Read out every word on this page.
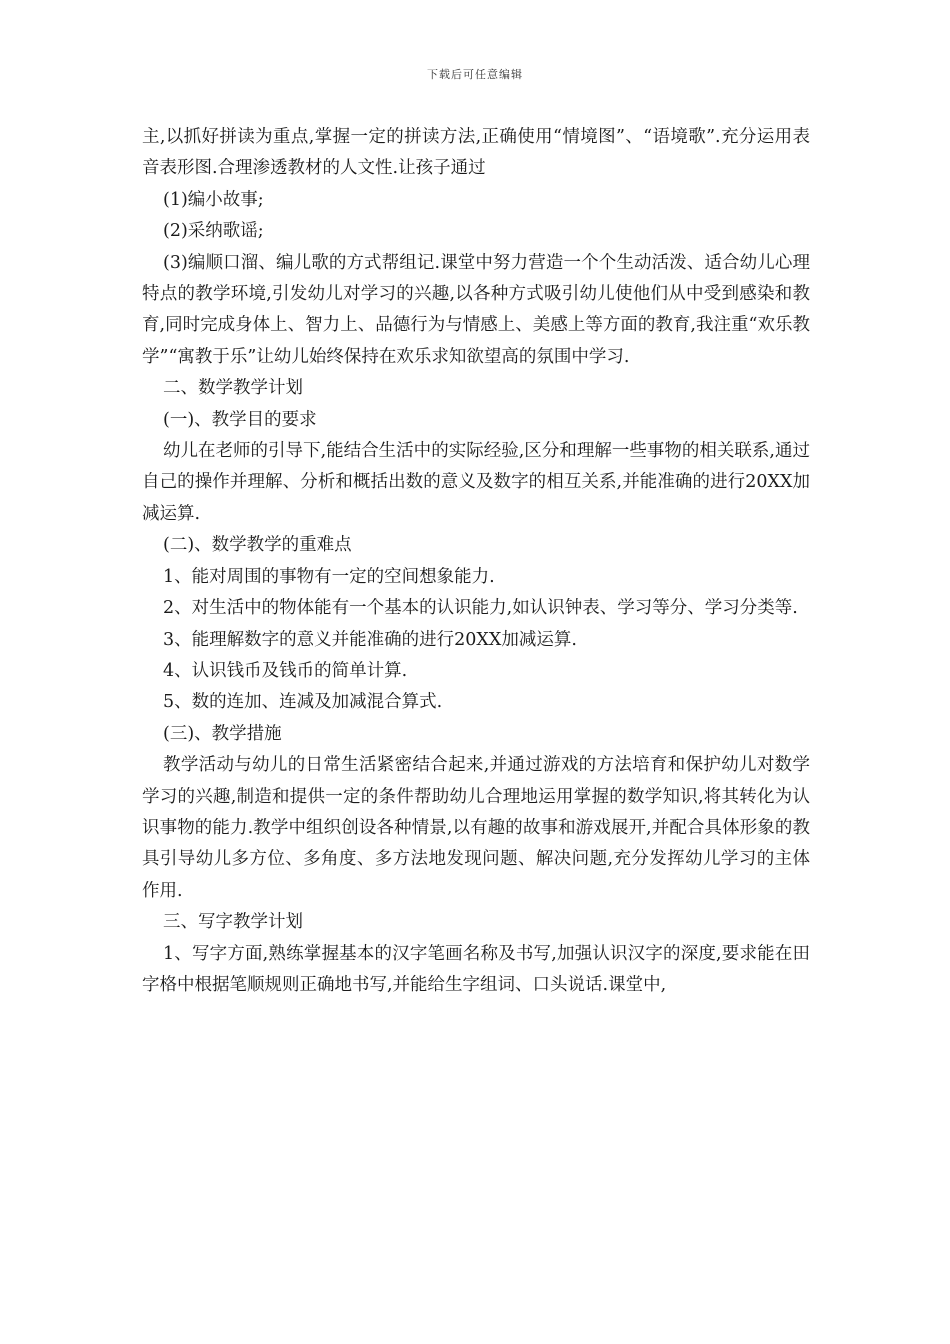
下载后可任意编辑

主,以抓好拼读为重点,掌握一定的拼读方法,正确使用“情境图”、“语境歌”.充分运用表音表形图.合理渗透教材的人文性.让孩子通过

(1)编小故事;

(2)采纳歌谣;

(3)编顺口溜、编儿歌的方式帮组记.课堂中努力营造一个个生动活泼、适合幼儿心理特点的教学环境,引发幼儿对学习的兴趣,以各种方式吸引幼儿使他们从中受到感染和教育,同时完成身体上、智力上、品德行为与情感上、美感上等方面的教育,我注重“欢乐教学”“寓教于乐”让幼儿始终保持在欢乐求知欲望高的氛围中学习.

二、数学教学计划

(一)、教学目的要求

幼儿在老师的引导下,能结合生活中的实际经验,区分和理解一些事物的相关联系,通过自己的操作并理解、分析和概括出数的意义及数字的相互关系,并能准确的进行20XX加减运算.

(二)、数学教学的重难点

1、能对周围的事物有一定的空间想象能力.

2、对生活中的物体能有一个基本的认识能力,如认识钟表、学习等分、学习分类等.

3、能理解数字的意义并能准确的进行20XX加减运算.

4、认识钱币及钱币的简单计算.

5、数的连加、连减及加减混合算式.

(三)、教学措施

教学活动与幼儿的日常生活紧密结合起来,并通过游戏的方法培育和保护幼儿对数学学习的兴趣,制造和提供一定的条件帮助幼儿合理地运用掌握的数学知识,将其转化为认识事物的能力.教学中组织创设各种情景,以有趣的故事和游戏展开,并配合具体形象的教具引导幼儿多方位、多角度、多方法地发现问题、解决问题,充分发挥幼儿学习的主体作用.

三、写字教学计划

1、写字方面,熟练掌握基本的汉字笔画名称及书写,加强认识汉字的深度,要求能在田字格中根据笔顺规则正确地书写,并能给生字组词、口头说话.课堂中,
